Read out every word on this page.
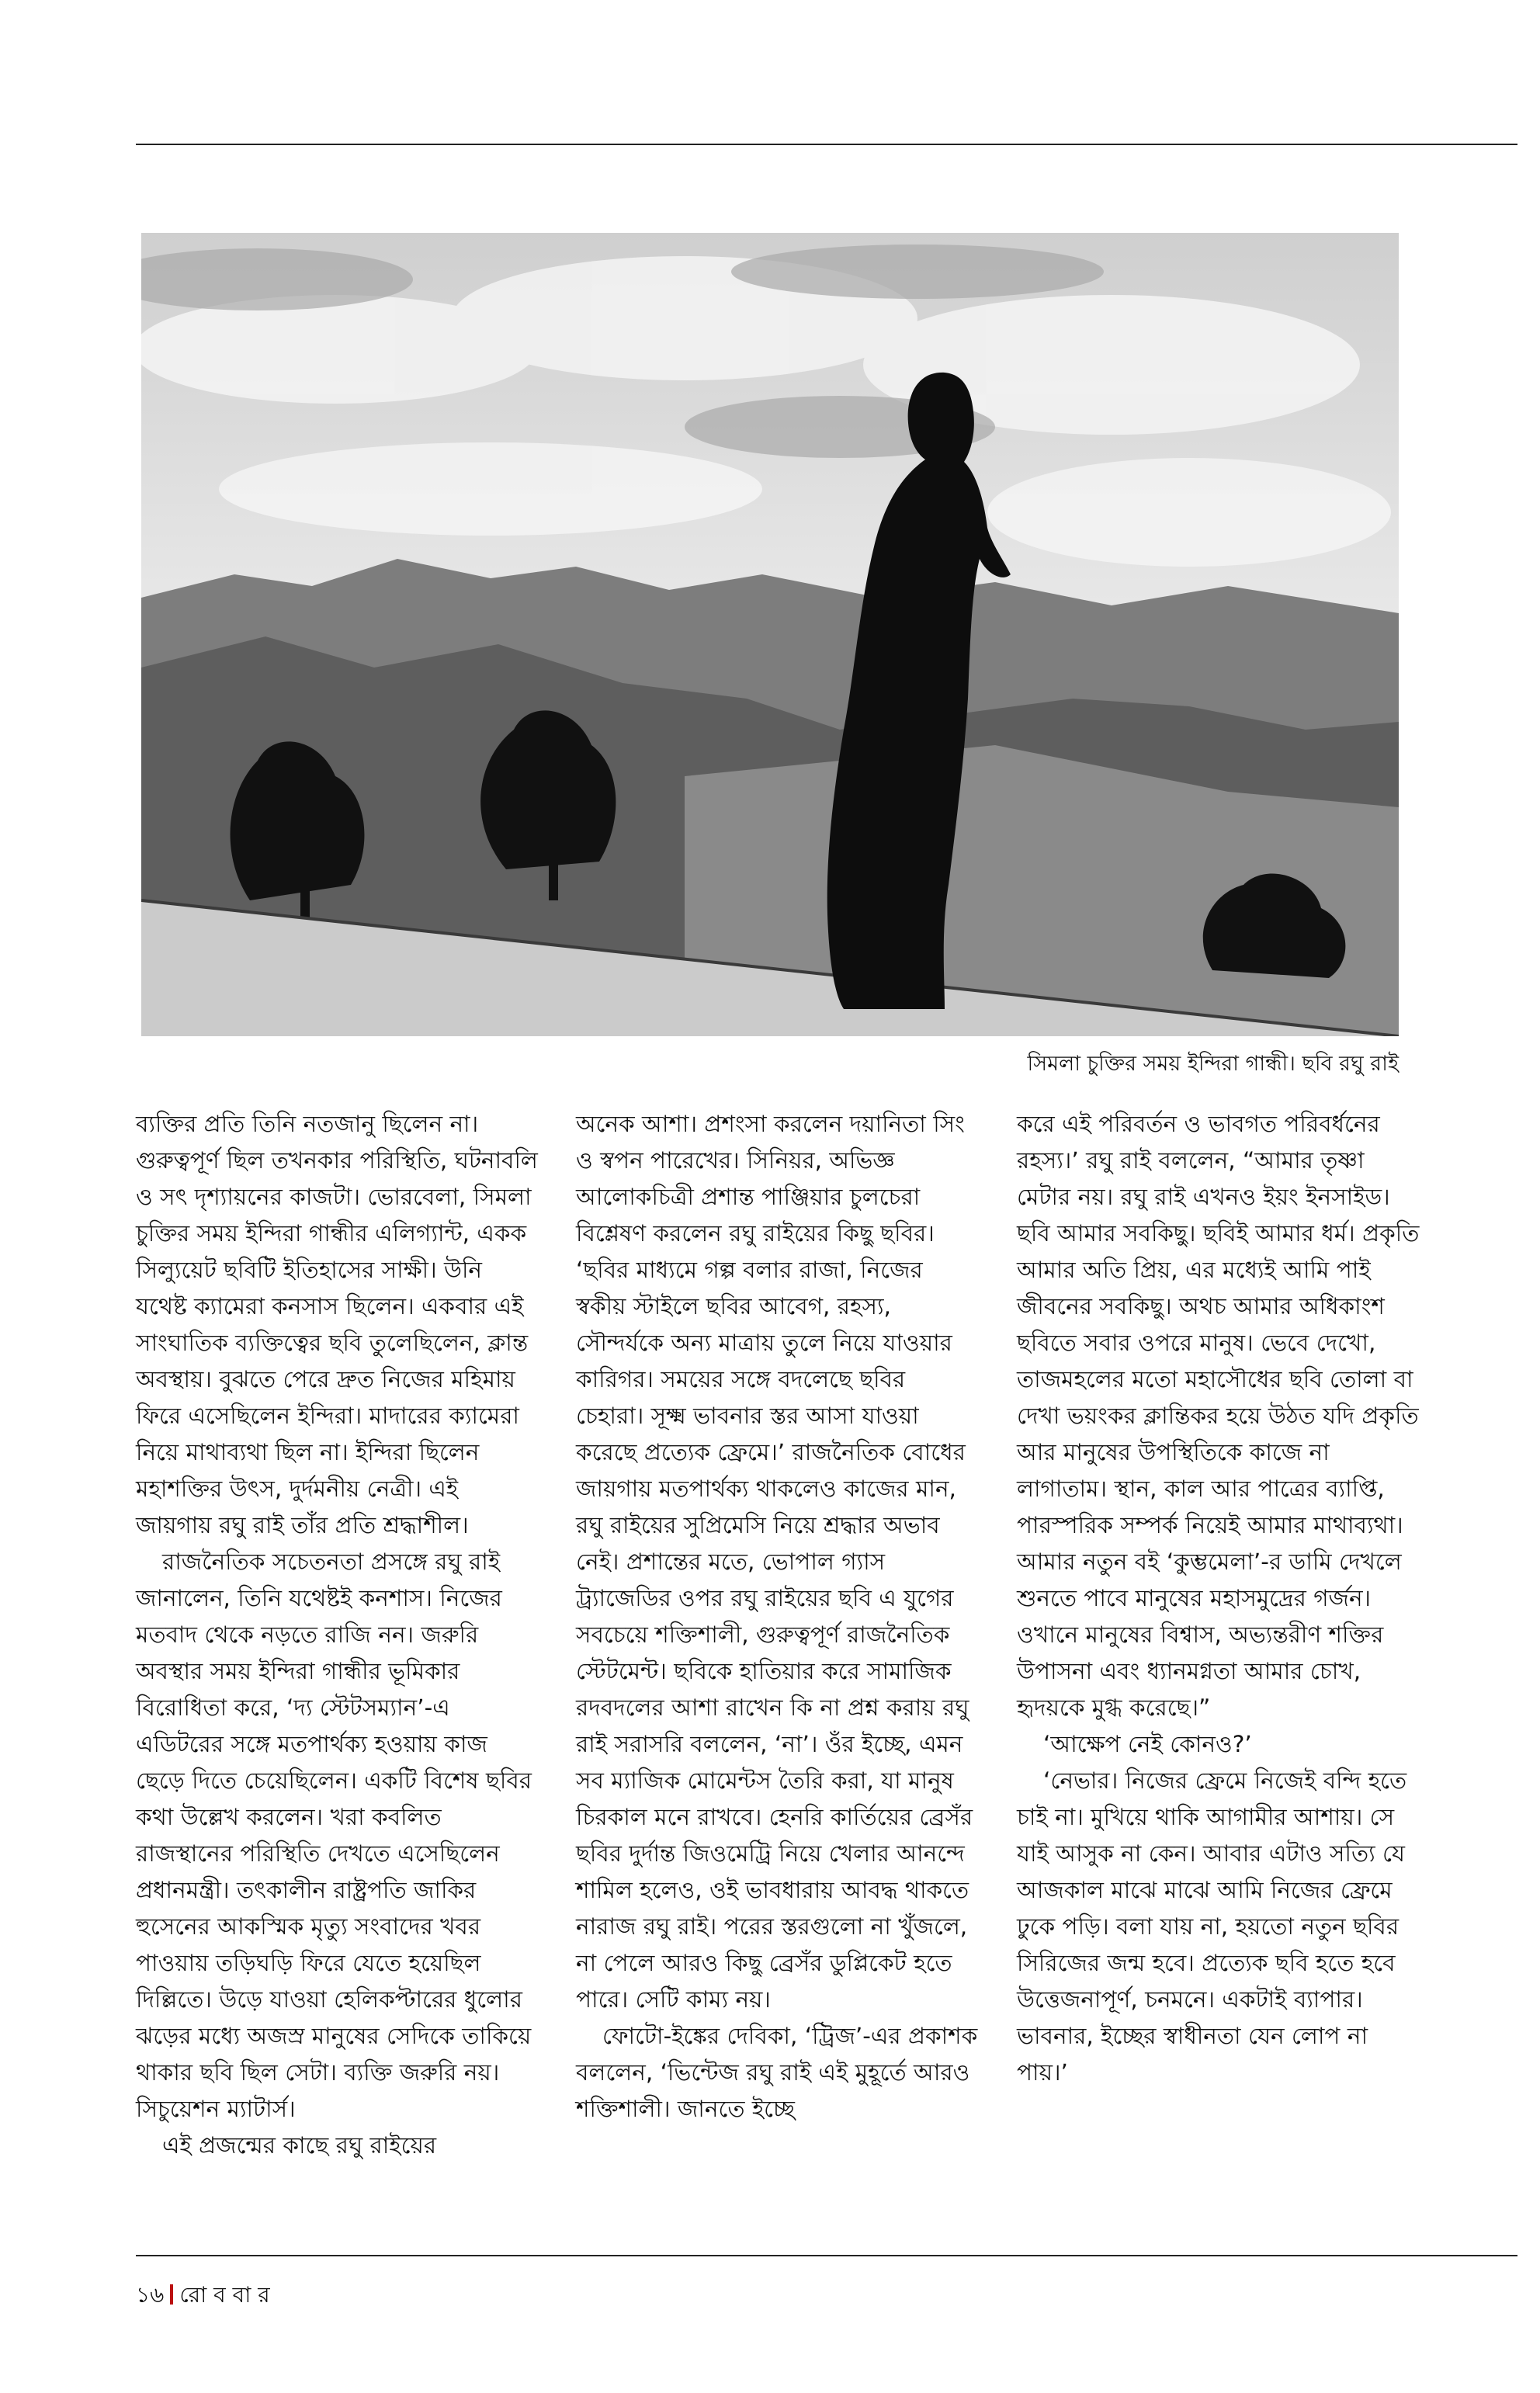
সিমলা চুক্তির সময় ইন্দিরা গান্ধী। ছবি রঘু রাই

ব্যক্তির প্রতি তিনি নতজানু ছিলেন না। গুরুত্বপূর্ণ ছিল তখনকার পরিস্থিতি, ঘটনাবলি ও সৎ দৃশ্যায়নের কাজটা। ভোরবেলা, সিমলা চুক্তির সময় ইন্দিরা গান্ধীর এলিগ্যান্ট, একক সিল্যুয়েট ছবিটি ইতিহাসের সাক্ষী। উনি যথেষ্ট ক্যামেরা কনসাস ছিলেন। একবার এই সাংঘাতিক ব্যক্তিত্বের ছবি তুলেছিলেন, ক্লান্ত অবস্থায়। বুঝতে পেরে দ্রুত নিজের মহিমায় ফিরে এসেছিলেন ইন্দিরা। মাদারের ক্যামেরা নিয়ে মাথাব্যথা ছিল না। ইন্দিরা ছিলেন মহাশক্তির উৎস, দুর্দমনীয় নেত্রী। এই জায়গায় রঘু রাই তাঁর প্রতি শ্রদ্ধাশীল।

রাজনৈতিক সচেতনতা প্রসঙ্গে রঘু রাই জানালেন, তিনি যথেষ্টই কনশাস। নিজের মতবাদ থেকে নড়তে রাজি নন। জরুরি অবস্থার সময় ইন্দিরা গান্ধীর ভূমিকার বিরোধিতা করে, ‘দ্য স্টেটসম্যান’-এ এডিটরের সঙ্গে মতপার্থক্য হওয়ায় কাজ ছেড়ে দিতে চেয়েছিলেন। একটি বিশেষ ছবির কথা উল্লেখ করলেন। খরা কবলিত রাজস্থানের পরিস্থিতি দেখতে এসেছিলেন প্রধানমন্ত্রী। তৎকালীন রাষ্ট্রপতি জাকির হুসেনের আকস্মিক মৃত্যু সংবাদের খবর পাওয়ায় তড়িঘড়ি ফিরে যেতে হয়েছিল দিল্লিতে। উড়ে যাওয়া হেলিকপ্টারের ধুলোর ঝড়ের মধ্যে অজস্র মানুষের সেদিকে তাকিয়ে থাকার ছবি ছিল সেটা। ব্যক্তি জরুরি নয়। সিচুয়েশন ম্যাটার্স।

এই প্রজন্মের কাছে রঘু রাইয়ের

অনেক আশা। প্রশংসা করলেন দয়ানিতা সিং ও স্বপন পারেখের। সিনিয়র, অভিজ্ঞ আলোকচিত্রী প্রশান্ত পাঞ্জিয়ার চুলচেরা বিশ্লেষণ করলেন রঘু রাইয়ের কিছু ছবির। ‘ছবির মাধ্যমে গল্প বলার রাজা, নিজের স্বকীয় স্টাইলে ছবির আবেগ, রহস্য, সৌন্দর্যকে অন্য মাত্রায় তুলে নিয়ে যাওয়ার কারিগর। সময়ের সঙ্গে বদলেছে ছবির চেহারা। সূক্ষ্ম ভাবনার স্তর আসা যাওয়া করেছে প্রত্যেক ফ্রেমে।’ রাজনৈতিক বোধের জায়গায় মতপার্থক্য থাকলেও কাজের মান, রঘু রাইয়ের সুপ্রিমেসি নিয়ে শ্রদ্ধার অভাব নেই। প্রশান্তের মতে, ভোপাল গ্যাস ট্র্যাজেডির ওপর রঘু রাইয়ের ছবি এ যুগের সবচেয়ে শক্তিশালী, গুরুত্বপূর্ণ রাজনৈতিক স্টেটমেন্ট। ছবিকে হাতিয়ার করে সামাজিক রদবদলের আশা রাখেন কি না প্রশ্ন করায় রঘু রাই সরাসরি বললেন, ‘না’। ওঁর ইচ্ছে, এমন সব ম্যাজিক মোমেন্টস তৈরি করা, যা মানুষ চিরকাল মনে রাখবে। হেনরি কার্তিয়ের ব্রেসঁর ছবির দুর্দান্ত জিওমেট্রি নিয়ে খেলার আনন্দে শামিল হলেও, ওই ভাবধারায় আবদ্ধ থাকতে নারাজ রঘু রাই। পরের স্তরগুলো না খুঁজলে, না পেলে আরও কিছু ব্রেসঁর ডুপ্লিকেট হতে পারে। সেটি কাম্য নয়।

ফোটো-ইঙ্কের দেবিকা, ‘ট্রিজ’-এর প্রকাশক বললেন, ‘ভিন্টেজ রঘু রাই এই মুহূর্তে আরও শক্তিশালী। জানতে ইচ্ছে

করে এই পরিবর্তন ও ভাবগত পরিবর্ধনের রহস্য।’ রঘু রাই বললেন, “আমার তৃষ্ণা মেটার নয়। রঘু রাই এখনও ইয়ং ইনসাইড। ছবি আমার সবকিছু। ছবিই আমার ধর্ম। প্রকৃতি আমার অতি প্রিয়, এর মধ্যেই আমি পাই জীবনের সবকিছু। অথচ আমার অধিকাংশ ছবিতে সবার ওপরে মানুষ। ভেবে দেখো, তাজমহলের মতো মহাসৌধের ছবি তোলা বা দেখা ভয়ংকর ক্লান্তিকর হয়ে উঠত যদি প্রকৃতি আর মানুষের উপস্থিতিকে কাজে না লাগাতাম। স্থান, কাল আর পাত্রের ব্যাপ্তি, পারস্পরিক সম্পর্ক নিয়েই আমার মাথাব্যথা। আমার নতুন বই ‘কুম্ভমেলা’-র ডামি দেখলে শুনতে পাবে মানুষের মহাসমুদ্রের গর্জন। ওখানে মানুষের বিশ্বাস, অভ্যন্তরীণ শক্তির উপাসনা এবং ধ্যানমগ্নতা আমার চোখ, হৃদয়কে মুগ্ধ করেছে।”

‘আক্ষেপ নেই কোনও?’

‘নেভার। নিজের ফ্রেমে নিজেই বন্দি হতে চাই না। মুখিয়ে থাকি আগামীর আশায়। সে যাই আসুক না কেন। আবার এটাও সত্যি যে আজকাল মাঝে মাঝে আমি নিজের ফ্রেমে ঢুকে পড়ি। বলা যায় না, হয়তো নতুন ছবির সিরিজের জন্ম হবে। প্রত্যেক ছবি হতে হবে উত্তেজনাপূর্ণ, চনমনে। একটাই ব্যাপার। ভাবনার, ইচ্ছের স্বাধীনতা যেন লোপ না পায়।’

১৬ রো ব বা র
